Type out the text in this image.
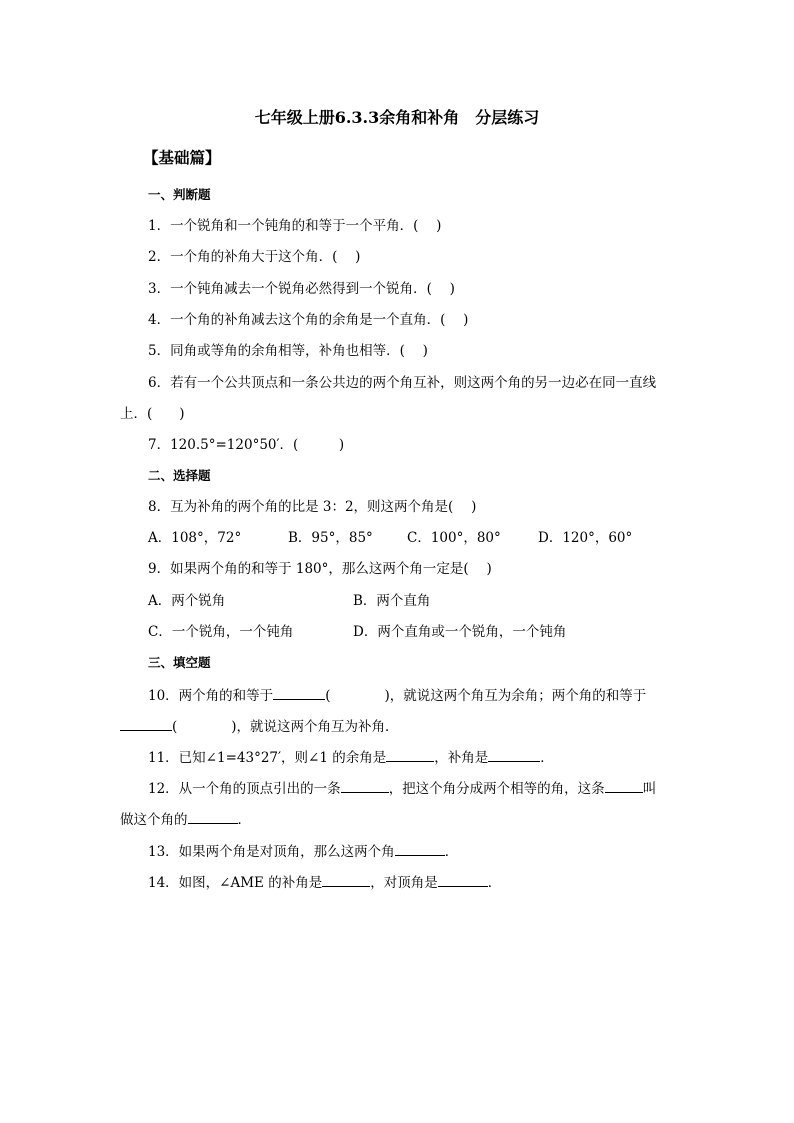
七年级上册6.3.3余角和补角　分层练习
【基础篇】
一、判断题
1．一个锐角和一个钝角的和等于一个平角．(　 )
2．一个角的补角大于这个角．(　 )
3．一个钝角减去一个锐角必然得到一个锐角．(　 )
4．一个角的补角减去这个角的余角是一个直角．(　 )
5．同角或等角的余角相等，补角也相等．(　 )
6．若有一个公共顶点和一条公共边的两个角互补，则这两个角的另一边必在同一直线
上．(　　)
7．120.5°=120°50′．(　　　)
二、选择题
8．互为补角的两个角的比是 3：2，则这两个角是(　 )
A．108°，72°	B．95°，85°	C．100°，80°	D．120°，60°
9．如果两个角的和等于 180°，那么这两个角一定是(　 )
A．两个锐角	B．两个直角
C．一个锐角，一个钝角	D．两个直角或一个锐角，一个钝角
三、填空题
10．两个角的和等于	(　　　　)，就说这两个角互为余角；两个角的和等于
(　　　　)，就说这两个角互为补角．
11．已知∠1=43°27′，则∠1 的余角是	，补角是	．
12．从一个角的顶点引出的一条	，把这个角分成两个相等的角，这条	叫
做这个角的	．
13．如果两个角是对顶角，那么这两个角	．
14．如图，∠AME 的补角是	，对顶角是	．
